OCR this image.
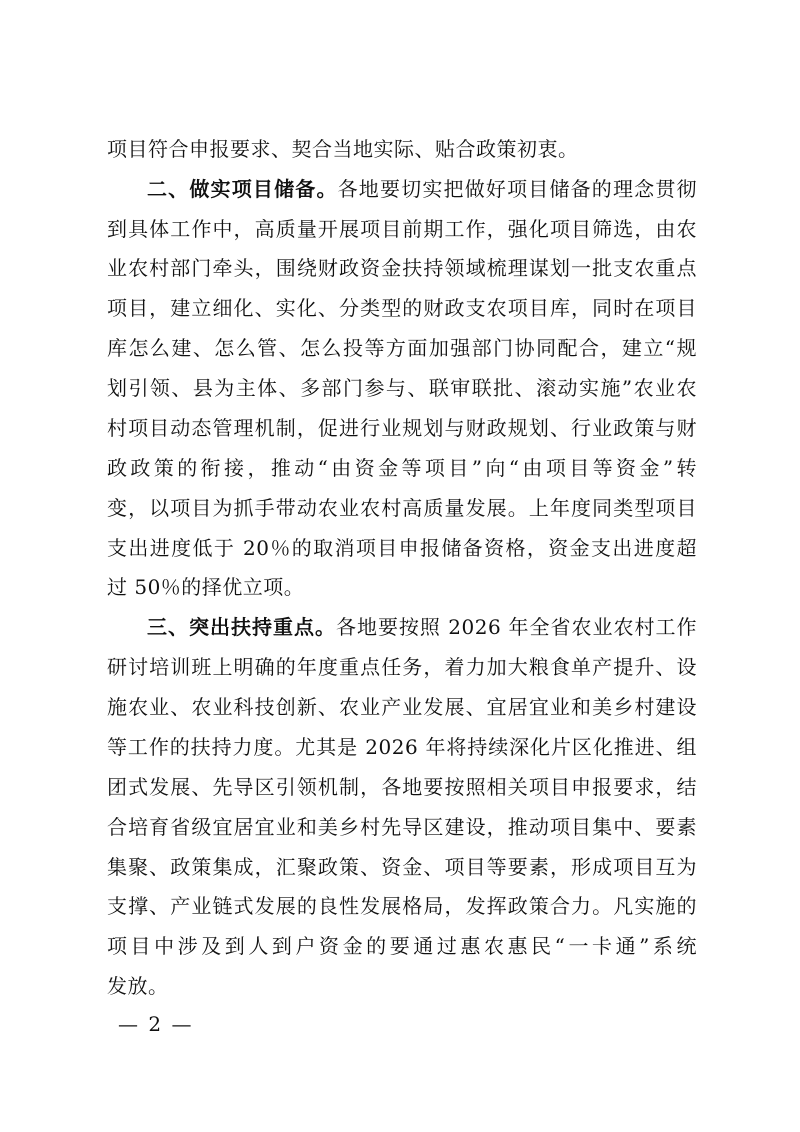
项目符合申报要求、契合当地实际、贴合政策初衷。
二、做实项目储备。各地要切实把做好项目储备的理念贯彻
到具体工作中，高质量开展项目前期工作，强化项目筛选，由农
业农村部门牵头，围绕财政资金扶持领域梳理谋划一批支农重点
项目，建立细化、实化、分类型的财政支农项目库，同时在项目
库怎么建、怎么管、怎么投等方面加强部门协同配合，建立“规
划引领、县为主体、多部门参与、联审联批、滚动实施”农业农
村项目动态管理机制，促进行业规划与财政规划、行业政策与财
政政策的衔接，推动“由资金等项目”向“由项目等资金”转
变，以项目为抓手带动农业农村高质量发展。上年度同类型项目
支出进度低于 20％的取消项目申报储备资格，资金支出进度超
过 50％的择优立项。
三、突出扶持重点。各地要按照 2026 年全省农业农村工作
研讨培训班上明确的年度重点任务，着力加大粮食单产提升、设
施农业、农业科技创新、农业产业发展、宜居宜业和美乡村建设
等工作的扶持力度。尤其是 2026 年将持续深化片区化推进、组
团式发展、先导区引领机制，各地要按照相关项目申报要求，结
合培育省级宜居宜业和美乡村先导区建设，推动项目集中、要素
集聚、政策集成，汇聚政策、资金、项目等要素，形成项目互为
支撑、产业链式发展的良性发展格局，发挥政策合力。凡实施的
项目中涉及到人到户资金的要通过惠农惠民“一卡通”系统
发放。
— 2 —
